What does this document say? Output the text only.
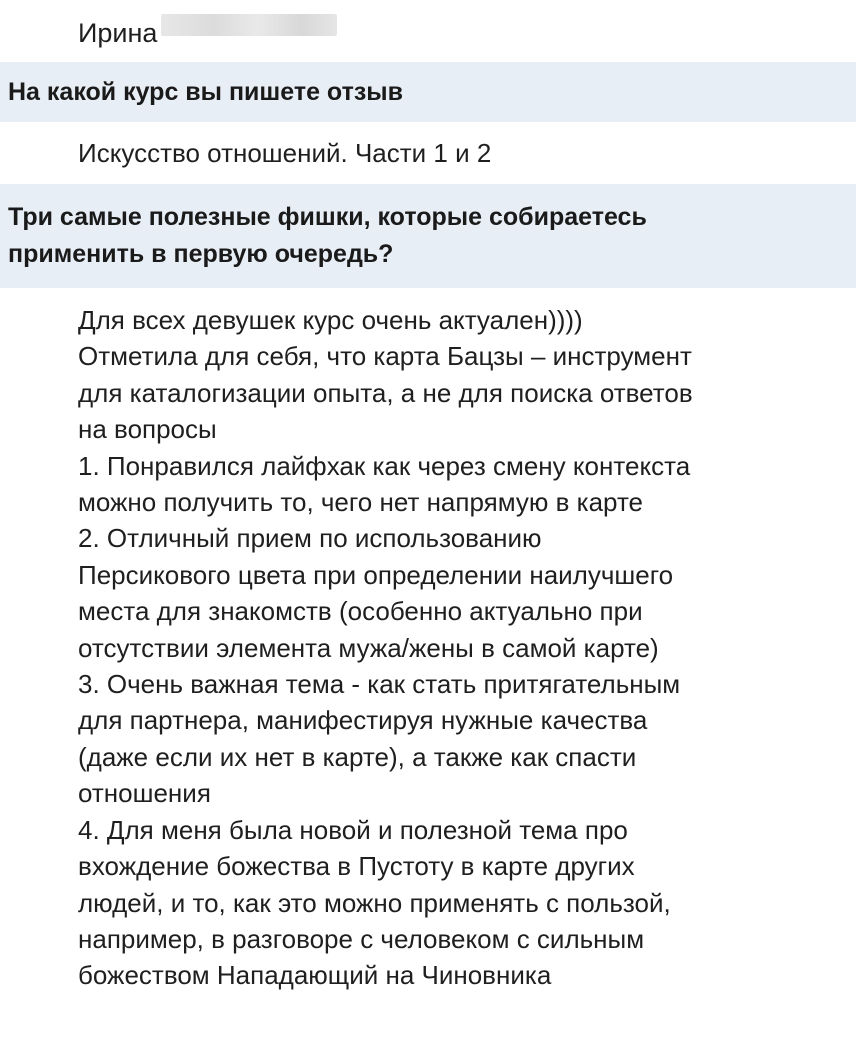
Ирина
На какой курс вы пишете отзыв
Искусство отношений. Части 1 и 2
Три самые полезные фишки, которые собираетесь
применить в первую очередь?
Для всех девушек курс очень актуален))))
Отметила для себя, что карта Бацзы – инструмент
для каталогизации опыта, а не для поиска ответов
на вопросы
1. Понравился лайфхак как через смену контекста
можно получить то, чего нет напрямую в карте
2. Отличный прием по использованию
Персикового цвета при определении наилучшего
места для знакомств (особенно актуально при
отсутствии элемента мужа/жены в самой карте)
3. Очень важная тема - как стать притягательным
для партнера, манифестируя нужные качества
(даже если их нет в карте), а также как спасти
отношения
4. Для меня была новой и полезной тема про
вхождение божества в Пустоту в карте других
людей, и то, как это можно применять с пользой,
например, в разговоре с человеком с сильным
божеством Нападающий на Чиновника
